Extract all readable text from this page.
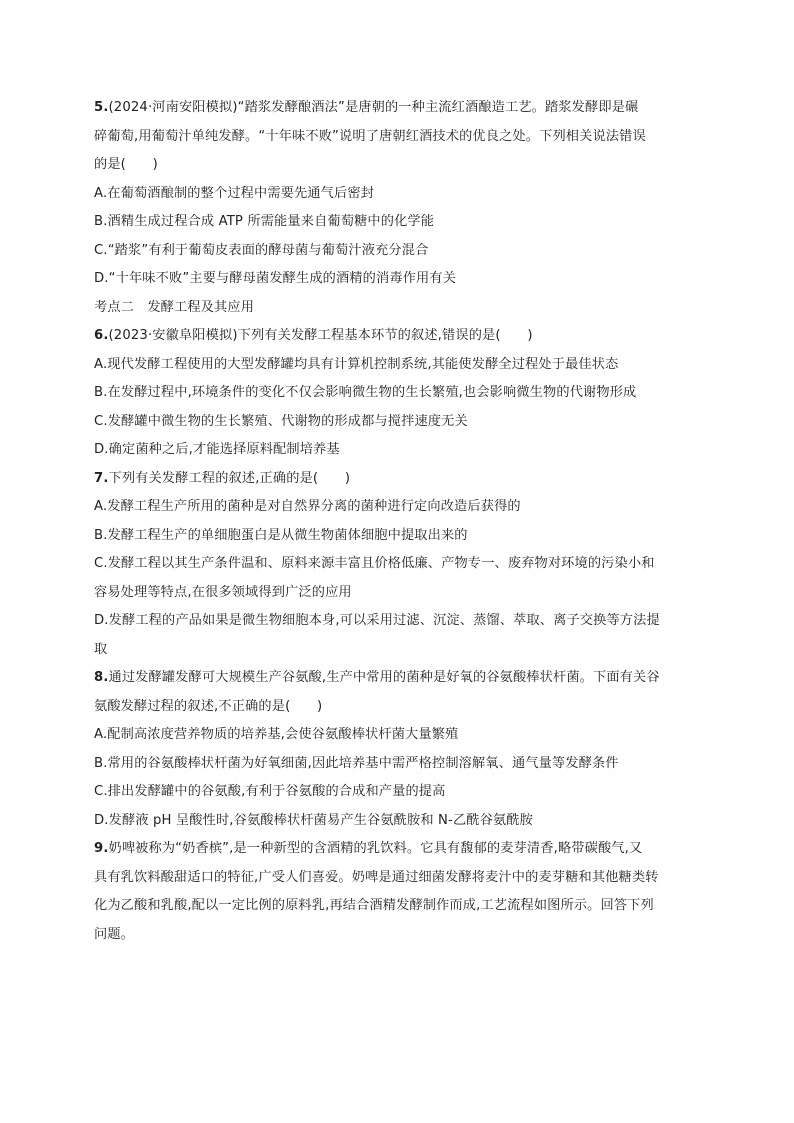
5.(2024·河南安阳模拟)“踏浆发酵酿酒法”是唐朝的一种主流红酒酿造工艺。踏浆发酵即是碾
碎葡萄,用葡萄汁单纯发酵。“十年味不败”说明了唐朝红酒技术的优良之处。下列相关说法错误
的是(　　)
A.在葡萄酒酿制的整个过程中需要先通气后密封
B.酒精生成过程合成 ATP 所需能量来自葡萄糖中的化学能
C.“踏浆”有利于葡萄皮表面的酵母菌与葡萄汁液充分混合
D.“十年味不败”主要与酵母菌发酵生成的酒精的消毒作用有关
考点二　发酵工程及其应用
6.(2023·安徽阜阳模拟)下列有关发酵工程基本环节的叙述,错误的是(　　)
A.现代发酵工程使用的大型发酵罐均具有计算机控制系统,其能使发酵全过程处于最佳状态
B.在发酵过程中,环境条件的变化不仅会影响微生物的生长繁殖,也会影响微生物的代谢物形成
C.发酵罐中微生物的生长繁殖、代谢物的形成都与搅拌速度无关
D.确定菌种之后,才能选择原料配制培养基
7.下列有关发酵工程的叙述,正确的是(　　)
A.发酵工程生产所用的菌种是对自然界分离的菌种进行定向改造后获得的
B.发酵工程生产的单细胞蛋白是从微生物菌体细胞中提取出来的
C.发酵工程以其生产条件温和、原料来源丰富且价格低廉、产物专一、废弃物对环境的污染小和
容易处理等特点,在很多领域得到广泛的应用
D.发酵工程的产品如果是微生物细胞本身,可以采用过滤、沉淀、蒸馏、萃取、离子交换等方法提
取
8.通过发酵罐发酵可大规模生产谷氨酸,生产中常用的菌种是好氧的谷氨酸棒状杆菌。下面有关谷
氨酸发酵过程的叙述,不正确的是(　　)
A.配制高浓度营养物质的培养基,会使谷氨酸棒状杆菌大量繁殖
B.常用的谷氨酸棒状杆菌为好氧细菌,因此培养基中需严格控制溶解氧、通气量等发酵条件
C.排出发酵罐中的谷氨酸,有利于谷氨酸的合成和产量的提高
D.发酵液 pH 呈酸性时,谷氨酸棒状杆菌易产生谷氨酰胺和 N-乙酰谷氨酰胺
9.奶啤被称为“奶香槟”,是一种新型的含酒精的乳饮料。它具有馥郁的麦芽清香,略带碳酸气,又
具有乳饮料酸甜适口的特征,广受人们喜爱。奶啤是通过细菌发酵将麦汁中的麦芽糖和其他糖类转
化为乙酸和乳酸,配以一定比例的原料乳,再结合酒精发酵制作而成,工艺流程如图所示。回答下列
问题。
